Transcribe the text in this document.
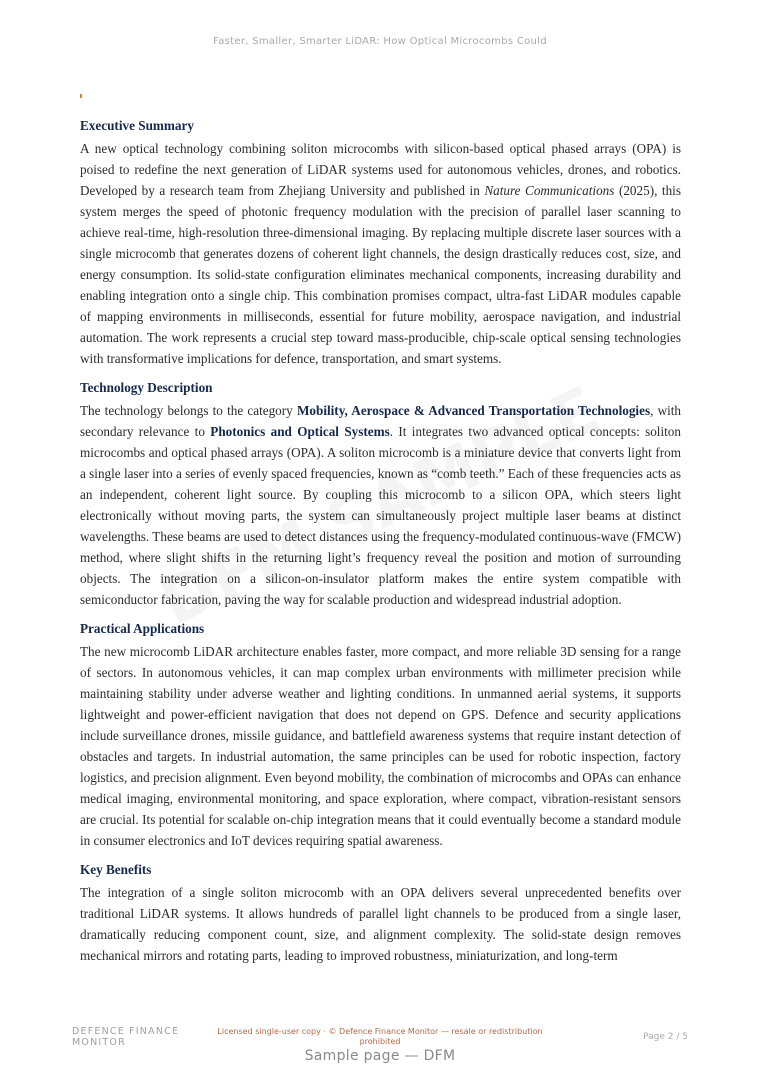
Faster, Smaller, Smarter LiDAR: How Optical Microcombs Could
Executive Summary

A new optical technology combining soliton microcombs with silicon-based optical phased arrays (OPA) is poised to redefine the next generation of LiDAR systems used for autonomous vehicles, drones, and robotics. Developed by a research team from Zhejiang University and published in Nature Communications (2025), this system merges the speed of photonic frequency modulation with the precision of parallel laser scanning to achieve real-time, high-resolution three-dimensional imaging. By replacing multiple discrete laser sources with a single microcomb that generates dozens of coherent light channels, the design drastically reduces cost, size, and energy consumption. Its solid-state configuration eliminates mechanical components, increasing durability and enabling integration onto a single chip. This combination promises compact, ultra-fast LiDAR modules capable of mapping environments in milliseconds, essential for future mobility, aerospace navigation, and industrial automation. The work represents a crucial step toward mass-producible, chip-scale optical sensing technologies with transformative implications for defence, transportation, and smart systems.

Technology Description

The technology belongs to the category Mobility, Aerospace & Advanced Transportation Technologies, with secondary relevance to Photonics and Optical Systems. It integrates two advanced optical concepts: soliton microcombs and optical phased arrays (OPA). A soliton microcomb is a miniature device that converts light from a single laser into a series of evenly spaced frequencies, known as “comb teeth.” Each of these frequencies acts as an independent, coherent light source. By coupling this microcomb to a silicon OPA, which steers light electronically without moving parts, the system can simultaneously project multiple laser beams at distinct wavelengths. These beams are used to detect distances using the frequency-modulated continuous-wave (FMCW) method, where slight shifts in the returning light’s frequency reveal the position and motion of surrounding objects. The integration on a silicon-on-insulator platform makes the entire system compatible with semiconductor fabrication, paving the way for scalable production and widespread industrial adoption.

Practical Applications

The new microcomb LiDAR architecture enables faster, more compact, and more reliable 3D sensing for a range of sectors. In autonomous vehicles, it can map complex urban environments with millimeter precision while maintaining stability under adverse weather and lighting conditions. In unmanned aerial systems, it supports lightweight and power-efficient navigation that does not depend on GPS. Defence and security applications include surveillance drones, missile guidance, and battlefield awareness systems that require instant detection of obstacles and targets. In industrial automation, the same principles can be used for robotic inspection, factory logistics, and precision alignment. Even beyond mobility, the combination of microcombs and OPAs can enhance medical imaging, environmental monitoring, and space exploration, where compact, vibration-resistant sensors are crucial. Its potential for scalable on-chip integration means that it could eventually become a standard module in consumer electronics and IoT devices requiring spatial awareness.

Key Benefits

The integration of a single soliton microcomb with an OPA delivers several unprecedented benefits over traditional LiDAR systems. It allows hundreds of parallel light channels to be produced from a single laser, dramatically reducing component count, size, and alignment complexity. The solid-state design removes mechanical mirrors and rotating parts, leading to improved robustness, miniaturization, and long-term

DEFENCE FINANCE
MONITOR
Licensed single-user copy · © Defence Finance Monitor — resale or redistribution prohibited	Page 2 / 5
Sample page — DFM
